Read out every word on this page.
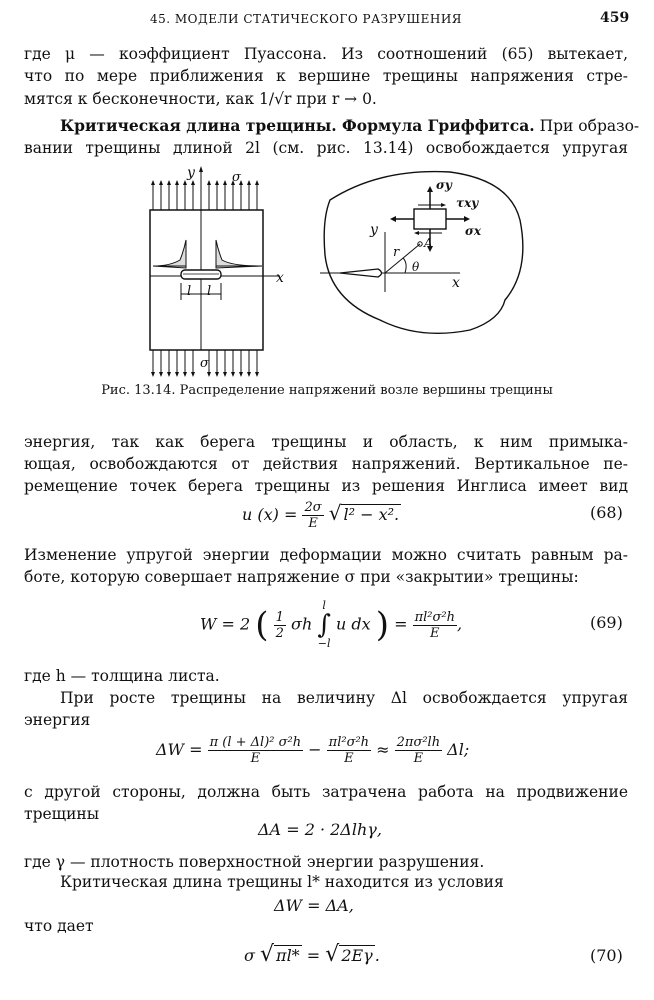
45. МОДЕЛИ СТАТИЧЕСКОГО РАЗРУШЕНИЯ	459
где μ — коэффициент Пуассона. Из соотношений (65) вытекает,
что по мере приближения к вершине трещины напряжения стре-
мятся к бесконечности, как 1/√r при r → 0.
Критическая длина трещины. Формула Гриффитса. При образо-
вании трещины длиной 2l (см. рис. 13.14) освобождается упругая
y	σ
σ
x
l l
y
x
r
A
θ
σy
τxy
σx
Рис. 13.14. Распределение напряжений возле вершины трещины
энергия, так как берега трещины и область, к ним примыка-
ющая, освобождаются от действия напряжений. Вертикальное пе-
ремещение точек берега трещины из решения Инглиса имеет вид
u $(x) = \frac{2\sigma}{E}$ √ l² − x².	(68)
Изменение упругой энергии деформации можно считать равным ра-
боте, которую совершает напряжение σ при «закрытии» трещины:
W = 2 ( $\frac{1}{2}$ σh
l
∫
−l
u dx ) = $\frac{\text{πl²σ²h}}{E}$ ,	(69)
где h — толщина листа.
При росте трещины на величину Δl освобождается упругая
энергия
$\Delta W = \frac{\text{π (l + Δl)² σ²h}}{E} - \frac{\text{πl²σ²h}}{E} \approx \frac{\text{2πσ²lh}}{E} \Delta l$;
с другой стороны, должна быть затрачена работа на продвижение
трещины
ΔA = 2 · 2Δlhγ,
где γ — плотность поверхностной энергии разрушения.
Критическая длина трещины l* находится из условия
ΔW = ΔA,
что дает
σ √ πl* = √ 2Eγ .	(70)
